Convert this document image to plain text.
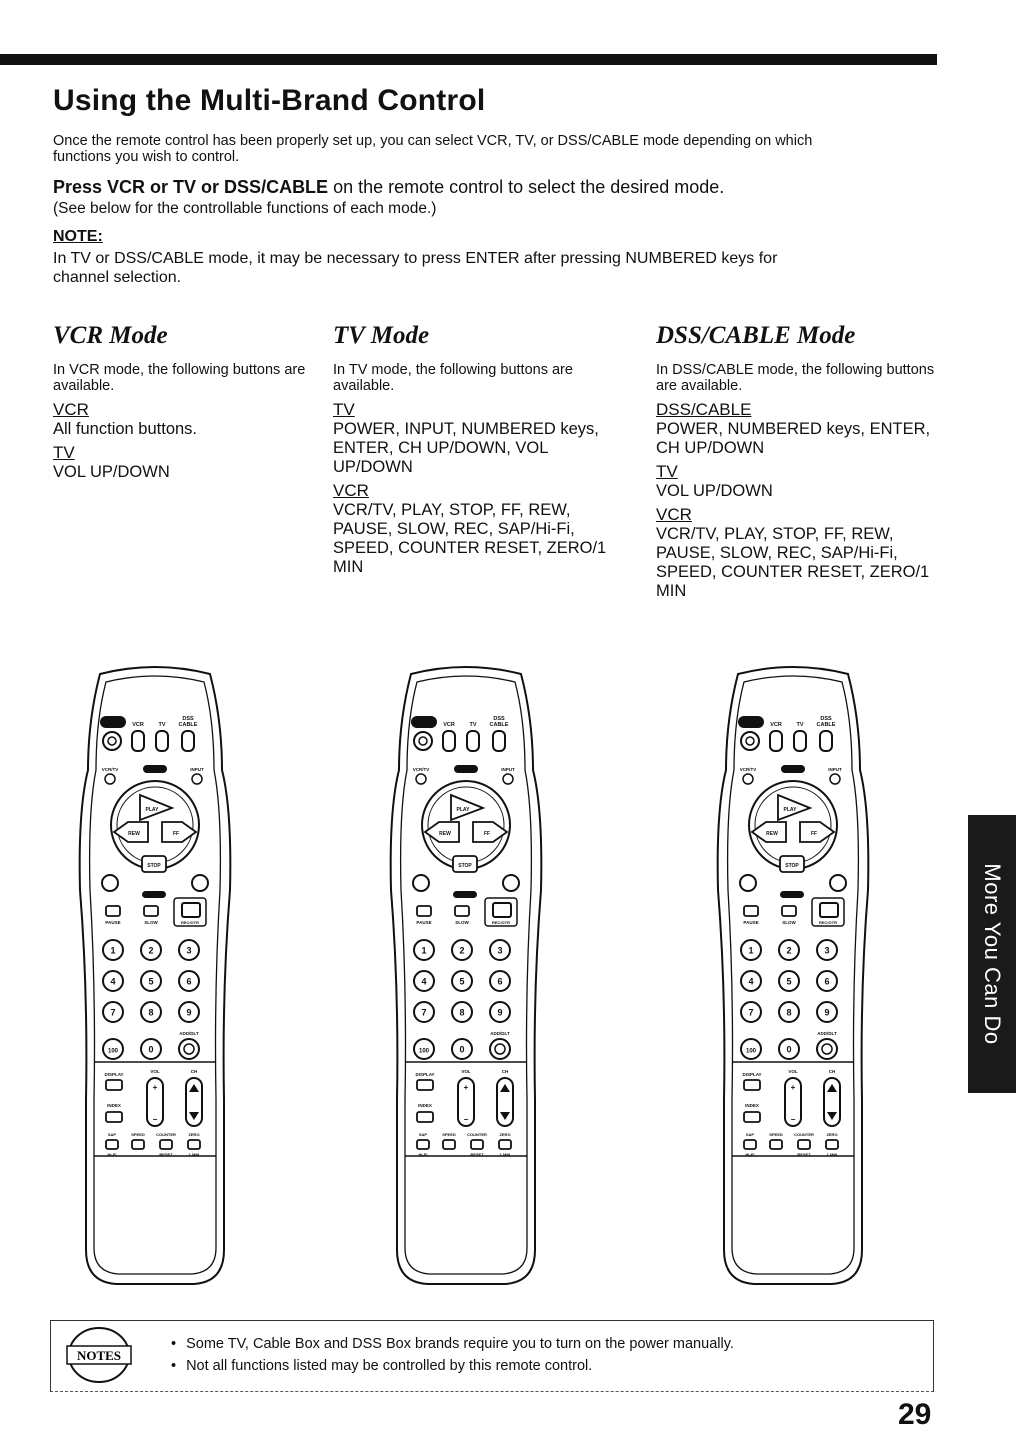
Using the Multi-Brand Control
Once the remote control has been properly set up, you can select VCR, TV, or DSS/CABLE mode depending on which functions you wish to control.
Press VCR or TV or DSS/CABLE on the remote control to select the desired mode.
(See below for the controllable functions of each mode.)
NOTE:
In TV or DSS/CABLE mode, it may be necessary to press ENTER after pressing NUMBERED keys for channel selection.
VCR Mode
In VCR mode, the following buttons are available.
VCR
All function buttons.
TV
VOL UP/DOWN
TV Mode
In TV mode, the following buttons are available.
TV
POWER, INPUT, NUMBERED keys, ENTER, CH UP/DOWN, VOL UP/DOWN
VCR
VCR/TV, PLAY, STOP, FF, REW, PAUSE, SLOW, REC, SAP/Hi-Fi, SPEED, COUNTER RESET, ZERO/1 MIN
DSS/CABLE Mode
In DSS/CABLE mode, the following buttons are available.
DSS/CABLE
POWER, NUMBERED keys, ENTER, CH UP/DOWN
TV
VOL UP/DOWN
VCR
VCR/TV, PLAY, STOP, FF, REW, PAUSE, SLOW, REC, SAP/Hi-Fi, SPEED, COUNTER RESET, ZERO/1 MIN
POWER VCR	TV
DSS
CABLE
VCR/TV	SELECT	INPUT
PLAY
REW	FF
STOP
PAUSE	SLOW	REC/OTR
1	2	3
4	5	6
7	8	9
ADD/DLT
100	0
DISPLAY
VOL	CH
INDEX
+
−
SAP
Hi-Fi
SPEED	COUNTER
RESET
ZERO
1 MIN
POWER VCR	TV
DSS
CABLE
VCR/TV	SELECT	INPUT
PLAY
REW	FF
STOP
PAUSE	SLOW	REC/OTR
1	2	3
4	5	6
7	8	9
ADD/DLT
100	0
DISPLAY
VOL	CH
INDEX
+
−
SAP
Hi-Fi
SPEED	COUNTER
RESET
ZERO
1 MIN
POWER VCR	TV
DSS
CABLE
VCR/TV	SELECT	INPUT
PLAY
REW	FF
STOP
PAUSE	SLOW	REC/OTR
1	2	3
4	5	6
7	8	9
ADD/DLT
100	0
DISPLAY
VOL	CH
INDEX
+
−
SAP
Hi-Fi
SPEED	COUNTER
RESET
ZERO
1 MIN
More You Can Do
NOTES
• Some TV, Cable Box and DSS Box brands require you to turn on the power manually.
• Not all functions listed may be controlled by this remote control.
29
